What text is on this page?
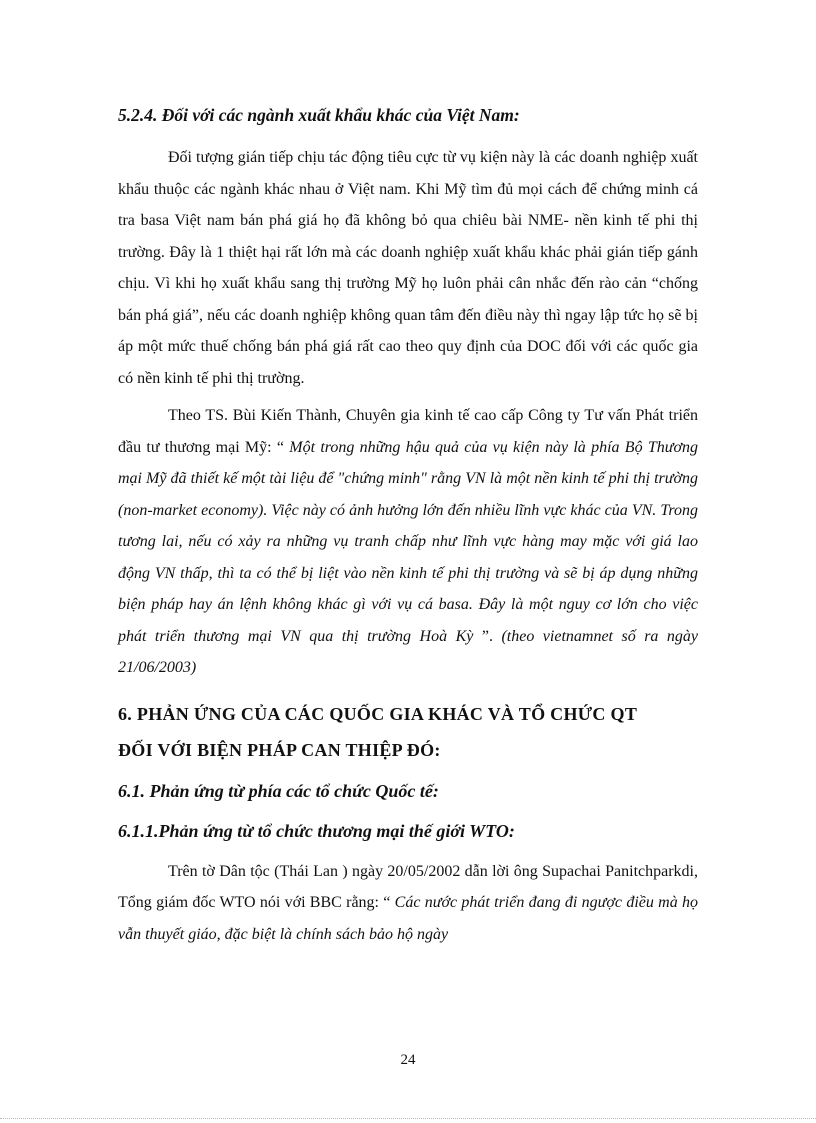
5.2.4. Đối với các ngành xuất khẩu khác của Việt Nam:

Đối tượng gián tiếp chịu tác động tiêu cực từ vụ kiện này là các doanh nghiệp xuất khẩu thuộc các ngành khác nhau ở Việt nam. Khi Mỹ tìm đủ mọi cách để chứng minh cá tra basa Việt nam bán phá giá họ đã không bỏ qua chiêu bài NME- nền kinh tế phi thị trường. Đây là 1 thiệt hại rất lớn mà các doanh nghiệp xuất khẩu khác phải gián tiếp gánh chịu. Vì khi họ xuất khẩu sang thị trường Mỹ họ luôn phải cân nhắc đến rào cản “chống bán phá giá”, nếu các doanh nghiệp không quan tâm đến điều này thì ngay lập tức họ sẽ bị áp một mức thuế chống bán phá giá rất cao theo quy định của DOC đối với các quốc gia có nền kinh tế phi thị trường.

Theo TS. Bùi Kiến Thành, Chuyên gia kinh tế cao cấp Công ty Tư vấn Phát triển đầu tư thương mại Mỹ: “ Một trong những hậu quả của vụ kiện này là phía Bộ Thương mại Mỹ đã thiết kế một tài liệu để "chứng minh" rằng VN là một nền kinh tế phi thị trường (non-market economy). Việc này có ảnh hưởng lớn đến nhiều lĩnh vực khác của VN. Trong tương lai, nếu có xảy ra những vụ tranh chấp như lĩnh vực hàng may mặc với giá lao động VN thấp, thì ta có thể bị liệt vào nền kinh tế phi thị trường và sẽ bị áp dụng những biện pháp hay án lệnh không khác gì với vụ cá basa. Đây là một nguy cơ lớn cho việc phát triển thương mại VN qua thị trường Hoà Kỳ ”. (theo vietnamnet số ra ngày 21/06/2003)

6. PHẢN ỨNG CỦA CÁC QUỐC GIA KHÁC VÀ TỔ CHỨC QT
ĐỐI VỚI BIỆN PHÁP CAN THIỆP ĐÓ:
6.1. Phản ứng từ phía các tổ chức Quốc tế:
6.1.1.Phản ứng từ tổ chức thương mại thế giới WTO:

Trên tờ Dân tộc (Thái Lan ) ngày 20/05/2002 dẫn lời ông Supachai Panitchparkdi, Tổng giám đốc WTO nói với BBC rằng: “ Các nước phát triển đang đi ngược điều mà họ vẫn thuyết giáo, đặc biệt là chính sách bảo hộ ngày

24
